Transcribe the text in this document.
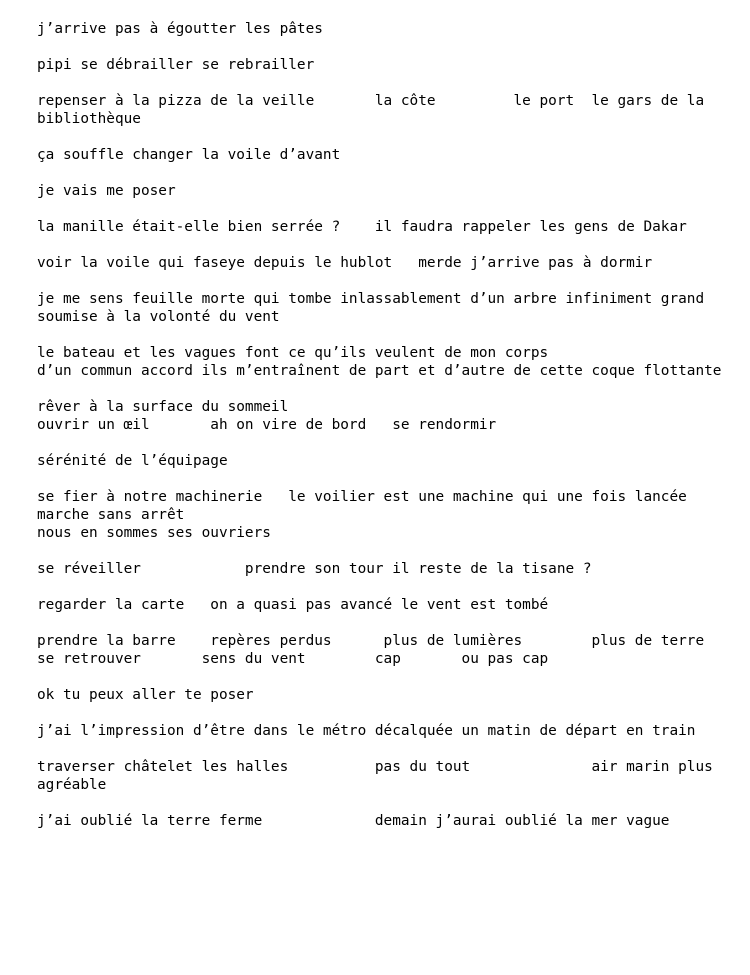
j’arrive pas à égoutter les pâtes
pipi se débrailler se rebrailler
repenser à la pizza de la veille       la côte         le port  le gars de la bibliothèque
ça souffle changer la voile d’avant
je vais me poser
la manille était-elle bien serrée ?    il faudra rappeler les gens de Dakar
voir la voile qui faseye depuis le hublot   merde j’arrive pas à dormir
je me sens feuille morte qui tombe inlassablement d’un arbre infiniment grand soumise à la volonté du vent
le bateau et les vagues font ce qu’ils veulent de mon corps
d’un commun accord ils m’entraînent de part et d’autre de cette coque flottante
rêver à la surface du sommeil
ouvrir un œil       ah on vire de bord   se rendormir
sérénité de l’équipage
se fier à notre machinerie   le voilier est une machine qui une fois lancée marche sans arrêt
nous en sommes ses ouvriers
se réveiller            prendre son tour il reste de la tisane ?
regarder la carte   on a quasi pas avancé le vent est tombé
prendre la barre    repères perdus      plus de lumières        plus de terre
se retrouver       sens du vent        cap       ou pas cap
ok tu peux aller te poser
j’ai l’impression d’être dans le métro décalquée un matin de départ en train
traverser châtelet les halles          pas du tout              air marin plus agréable
j’ai oublié la terre ferme             demain j’aurai oublié la mer vague
